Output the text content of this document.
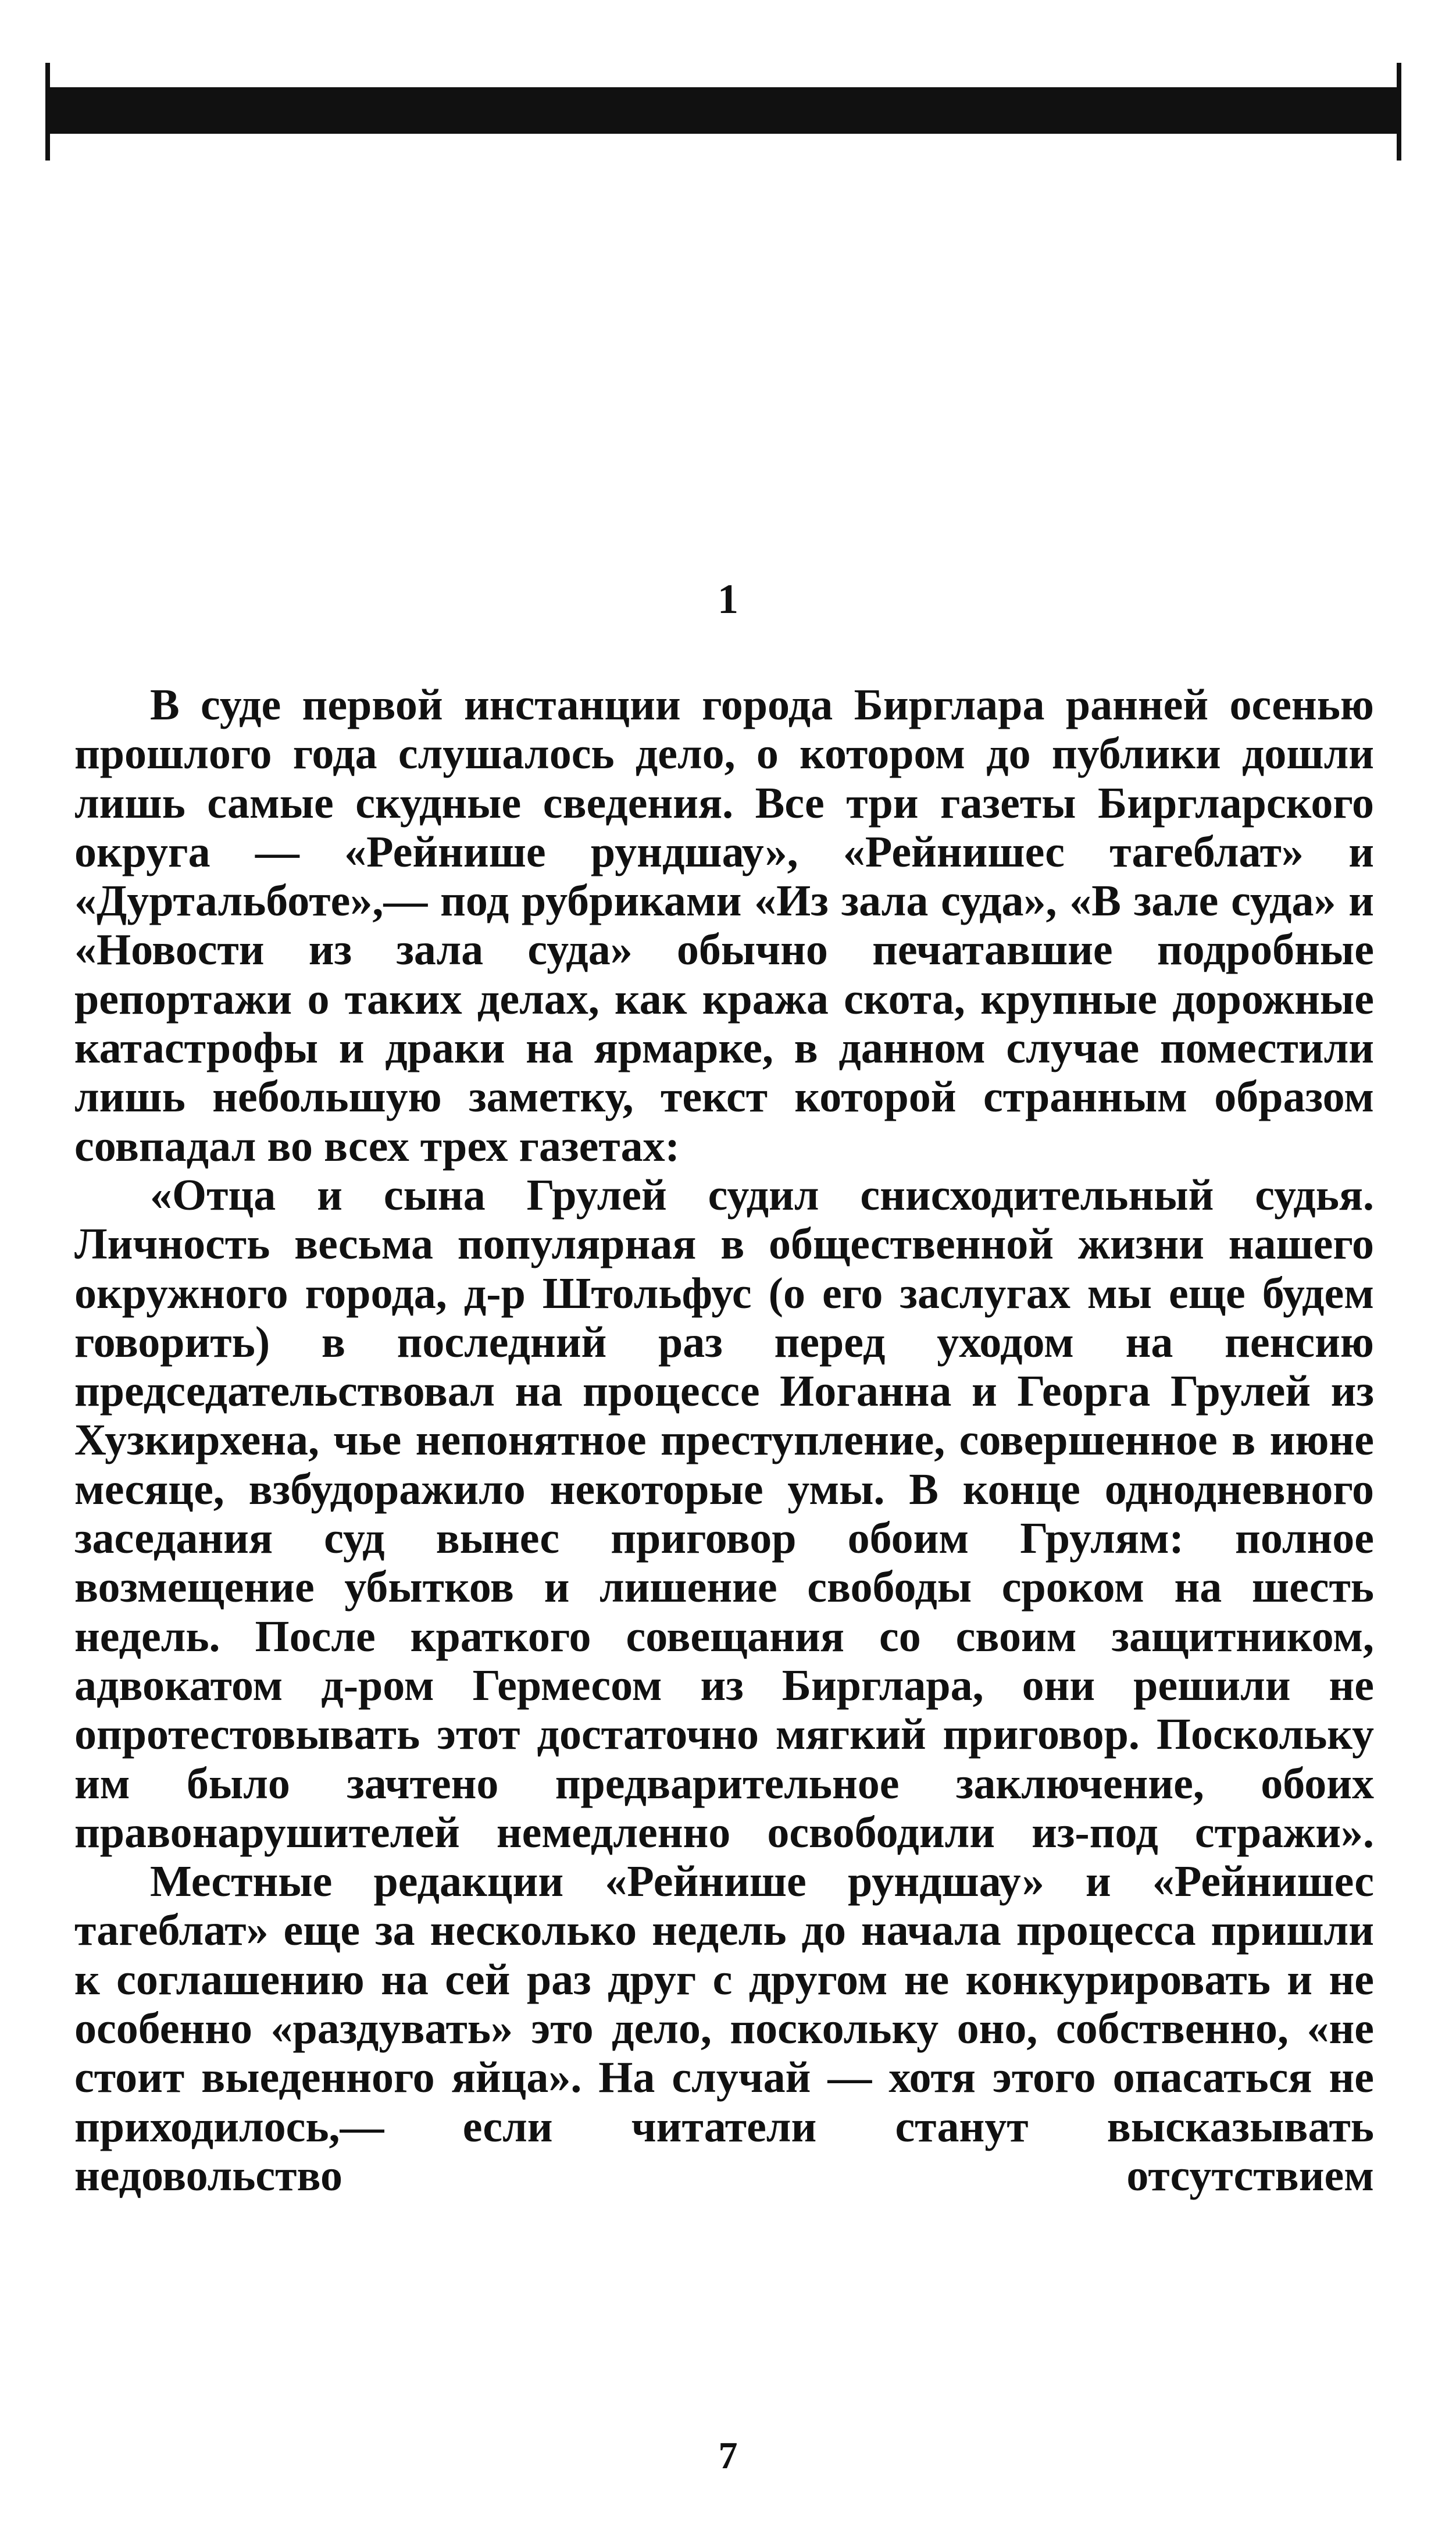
1

В суде первой инстанции города Бирглара ранней осенью прошлого года слушалось дело, о котором до публики дошли лишь самые скудные сведения. Все три газеты Биргларского округа — «Рейнише рундшау», «Рейнишес тагеблат» и «Дуртальботе»,— под рубриками «Из зала суда», «В зале суда» и «Новости из зала суда» обычно печатавшие подробные репортажи о таких делах, как кража скота, крупные дорожные катастрофы и драки на ярмарке, в данном случае поместили лишь небольшую заметку, текст которой странным образом совпадал во всех трех газетах:

«Отца и сына Грулей судил снисходительный судья. Личность весьма популярная в общественной жизни нашего окружного города, д-р Штольфус (о его заслугах мы еще будем говорить) в последний раз перед уходом на пенсию председательствовал на процессе Иоганна и Георга Грулей из Хузкирхена, чье непонятное преступление, совершенное в июне месяце, взбудоражило некоторые умы. В конце однодневного заседания суд вынес приговор обоим Грулям: полное возмещение убытков и лишение свободы сроком на шесть недель. После краткого совещания со своим защитником, адвокатом д-ром Гермесом из Бирглара, они решили не опротестовывать этот достаточно мягкий приговор. Поскольку им было зачтено предварительное заключение, обоих правонарушителей немедленно освободили из-под стражи».

Местные редакции «Рейнише рундшау» и «Рейнишес тагеблат» еще за несколько недель до начала процесса пришли к соглашению на сей раз друг с другом не конкурировать и не особенно «раздувать» это дело, поскольку оно, собственно, «не стоит выеденного яйца». На случай — хотя этого опасаться не приходилось,— если читатели станут высказывать недовольство отсутствием

7
